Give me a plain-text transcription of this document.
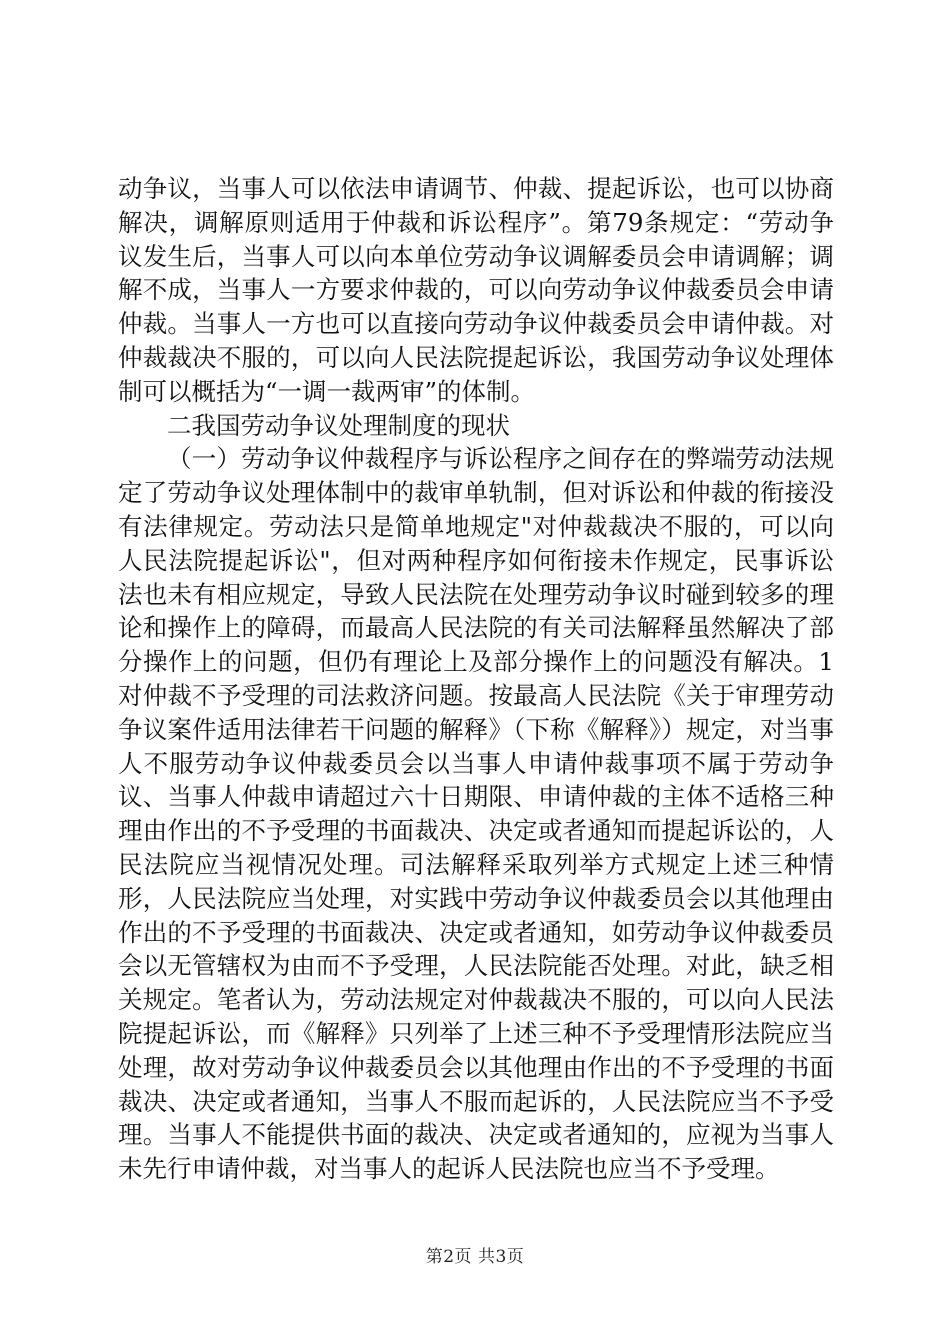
动争议，当事人可以依法申请调节、仲裁、提起诉讼，也可以协商解决，调解原则适用于仲裁和诉讼程序”。第79条规定：“劳动争议发生后，当事人可以向本单位劳动争议调解委员会申请调解；调解不成，当事人一方要求仲裁的，可以向劳动争议仲裁委员会申请仲裁。当事人一方也可以直接向劳动争议仲裁委员会申请仲裁。对仲裁裁决不服的，可以向人民法院提起诉讼，我国劳动争议处理体制可以概括为“一调一裁两审”的体制。

二我国劳动争议处理制度的现状

（一）劳动争议仲裁程序与诉讼程序之间存在的弊端劳动法规定了劳动争议处理体制中的裁审单轨制，但对诉讼和仲裁的衔接没有法律规定。劳动法只是简单地规定"对仲裁裁决不服的，可以向人民法院提起诉讼"，但对两种程序如何衔接未作规定，民事诉讼法也未有相应规定，导致人民法院在处理劳动争议时碰到较多的理论和操作上的障碍，而最高人民法院的有关司法解释虽然解决了部分操作上的问题，但仍有理论上及部分操作上的问题没有解决。1对仲裁不予受理的司法救济问题。按最高人民法院《关于审理劳动争议案件适用法律若干问题的解释》（下称《解释》）规定，对当事人不服劳动争议仲裁委员会以当事人申请仲裁事项不属于劳动争议、当事人仲裁申请超过六十日期限、申请仲裁的主体不适格三种理由作出的不予受理的书面裁决、决定或者通知而提起诉讼的，人民法院应当视情况处理。司法解释采取列举方式规定上述三种情形，人民法院应当处理，对实践中劳动争议仲裁委员会以其他理由作出的不予受理的书面裁决、决定或者通知，如劳动争议仲裁委员会以无管辖权为由而不予受理，人民法院能否处理。对此，缺乏相关规定。笔者认为，劳动法规定对仲裁裁决不服的，可以向人民法院提起诉讼，而《解释》只列举了上述三种不予受理情形法院应当处理，故对劳动争议仲裁委员会以其他理由作出的不予受理的书面裁决、决定或者通知，当事人不服而起诉的，人民法院应当不予受理。当事人不能提供书面的裁决、决定或者通知的，应视为当事人未先行申请仲裁，对当事人的起诉人民法院也应当不予受理。

第2页 共3页
